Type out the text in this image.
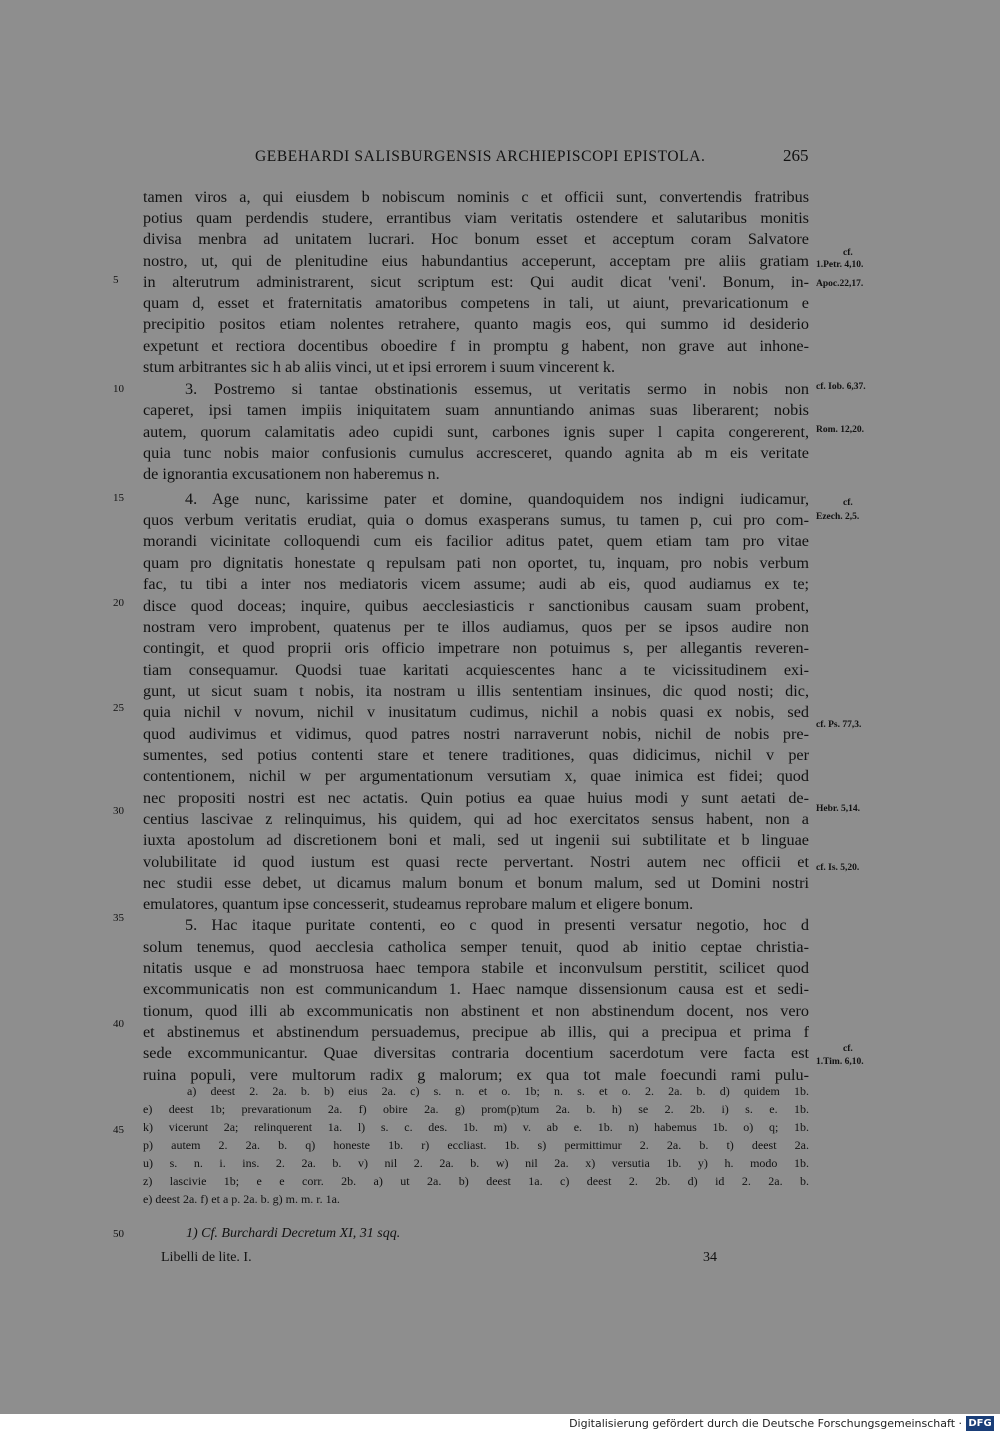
GEBEHARDI SALISBURGENSIS ARCHIEPISCOPI EPISTOLA.	265
tamen viros a, qui eiusdem b nobiscum nominis c et officii sunt, convertendis fratribus
potius quam perdendis studere, errantibus viam veritatis ostendere et salutaribus monitis
divisa menbra ad unitatem lucrari. Hoc bonum esset et acceptum coram Salvatore
nostro, ut, qui de plenitudine eius habundantius acceperunt, acceptam pre aliis gratiam
in alterutrum administrarent, sicut scriptum est: Qui audit dicat 'veni'. Bonum, in-
quam d, esset et fraternitatis amatoribus competens in tali, ut aiunt, prevaricationum e
precipitio positos etiam nolentes retrahere, quanto magis eos, qui summo id desiderio
expetunt et rectiora docentibus oboedire f in promptu g habent, non grave aut inhone-
stum arbitrantes sic h ab aliis vinci, ut et ipsi errorem i suum vincerent k.
3. Postremo si tantae obstinationis essemus, ut veritatis sermo in nobis non
caperet, ipsi tamen impiis iniquitatem suam annuntiando animas suas liberarent; nobis
autem, quorum calamitatis adeo cupidi sunt, carbones ignis super l capita congererent,
quia tunc nobis maior confusionis cumulus accresceret, quando agnita ab m eis veritate
de ignorantia excusationem non haberemus n.
4. Age nunc, karissime pater et domine, quandoquidem nos indigni iudicamur,
quos verbum veritatis erudiat, quia o domus exasperans sumus, tu tamen p, cui pro com-
morandi vicinitate colloquendi cum eis facilior aditus patet, quem etiam tam pro vitae
quam pro dignitatis honestate q repulsam pati non oportet, tu, inquam, pro nobis verbum
fac, tu tibi a inter nos mediatoris vicem assume; audi ab eis, quod audiamus ex te;
disce quod doceas; inquire, quibus aecclesiasticis r sanctionibus causam suam probent,
nostram vero improbent, quatenus per te illos audiamus, quos per se ipsos audire non
contingit, et quod proprii oris officio impetrare non potuimus s, per allegantis reveren-
tiam consequamur. Quodsi tuae karitati acquiescentes hanc a te vicissitudinem exi-
gunt, ut sicut suam t nobis, ita nostram u illis sententiam insinues, dic quod nosti; dic,
quia nichil v novum, nichil v inusitatum cudimus, nichil a nobis quasi ex nobis, sed
quod audivimus et vidimus, quod patres nostri narraverunt nobis, nichil de nobis pre-
sumentes, sed potius contenti stare et tenere traditiones, quas didicimus, nichil v per
contentionem, nichil w per argumentationum versutiam x, quae inimica est fidei; quod
nec propositi nostri est nec actatis. Quin potius ea quae huius modi y sunt aetati de-
centius lascivae z relinquimus, his quidem, qui ad hoc exercitatos sensus habent, non a
iuxta apostolum ad discretionem boni et mali, sed ut ingenii sui subtilitate et b linguae
volubilitate id quod iustum est quasi recte pervertant. Nostri autem nec officii et
nec studii esse debet, ut dicamus malum bonum et bonum malum, sed ut Domini nostri
emulatores, quantum ipse concesserit, studeamus reprobare malum et eligere bonum.
5. Hac itaque puritate contenti, eo c quod in presenti versatur negotio, hoc d
solum tenemus, quod aecclesia catholica semper tenuit, quod ab initio ceptae christia-
nitatis usque e ad monstruosa haec tempora stabile et inconvulsum perstitit, scilicet quod
excommunicatis non est communicandum 1. Haec namque dissensionum causa est et sedi-
tionum, quod illi ab excommunicatis non abstinent et non abstinendum docent, nos vero
et abstinemus et abstinendum persuademus, precipue ab illis, qui a precipua et prima f
sede excommunicantur. Quae diversitas contraria docentium sacerdotum vere facta est
ruina populi, vere multorum radix g malorum; ex qua tot male foecundi rami pulu-
5
10
15
20
25
30
35
40
45
50
cf.
1.Petr. 4,10.
Apoc.22,17.
cf. Iob. 6,37.
Rom. 12,20.
cf.
Ezech. 2,5.
cf. Ps. 77,3.
Hebr. 5,14.
cf. Is. 5,20.
cf.
1.Tim. 6,10.
a) deest 2. 2a. b. b) eius 2a. c) s. n. et o. 1b; n. s. et o. 2. 2a. b. d) quidem 1b.
e) deest 1b; prevarationum 2a. f) obire 2a. g) prom(p)tum 2a. b. h) se 2. 2b. i) s. e. 1b.
k) vicerunt 2a; relinquerent 1a. l) s. c. des. 1b. m) v. ab e. 1b. n) habemus 1b. o) q; 1b.
p) autem 2. 2a. b. q) honeste 1b. r) eccliast. 1b. s) permittimur 2. 2a. b. t) deest 2a.
u) s. n. i. ins. 2. 2a. b. v) nil 2. 2a. b. w) nil 2a. x) versutia 1b. y) h. modo 1b.
z) lascivie 1b; e e corr. 2b. a) ut 2a. b) deest 1a. c) deest 2. 2b. d) id 2. 2a. b.
e) deest 2a. f) et a p. 2a. b. g) m. m. r. 1a.
1) Cf. Burchardi Decretum XI, 31 sqq.
Libelli de lite. I.	34
Digitalisierung gefördert durch die Deutsche Forschungsgemeinschaft · DFG
